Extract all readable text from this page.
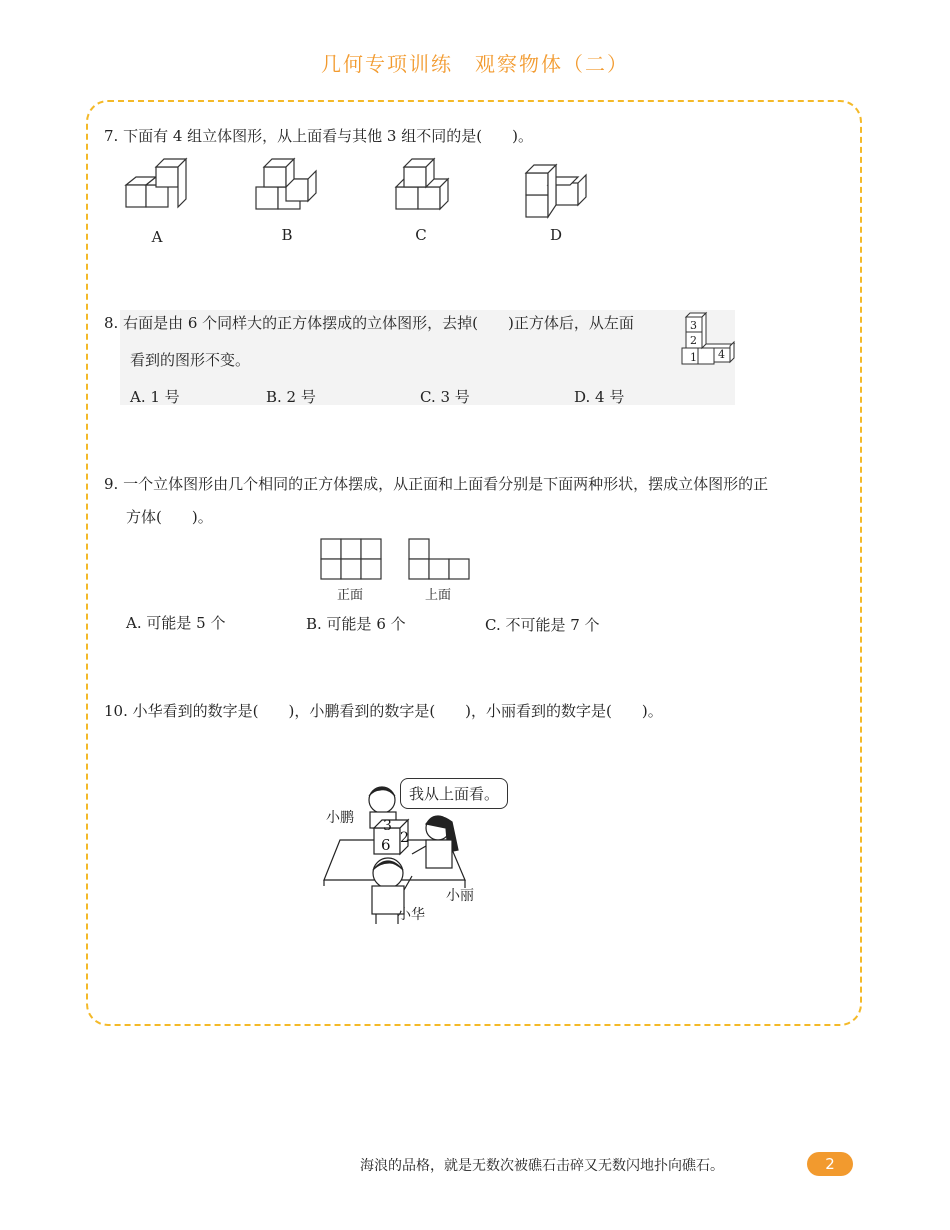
几何专项训练 观察物体（二）
7. 下面有 4 组立体图形，从上面看与其他 3 组不同的是(　　)。
A	B	C	D
8. 右面是由 6 个同样大的正方体摆成的立体图形，去掉(　　)正方体后，从左面
看到的图形不变。
A. 1 号	B. 2 号	C. 3 号	D. 4 号
1
2
3
4
9. 一个立体图形由几个相同的正方体摆成，从正面和上面看分别是下面两种形状，摆成立体图形的正
方体(　　)。
正面	上面
A. 可能是 5 个	B. 可能是 6 个	C. 不可能是 7 个
10. 小华看到的数字是(　　)，小鹏看到的数字是(　　)，小丽看到的数字是(　　)。
3
2
6
我从上面看。
小鹏
小丽
小华
海浪的品格，就是无数次被礁石击碎又无数闪地扑向礁石。	2
